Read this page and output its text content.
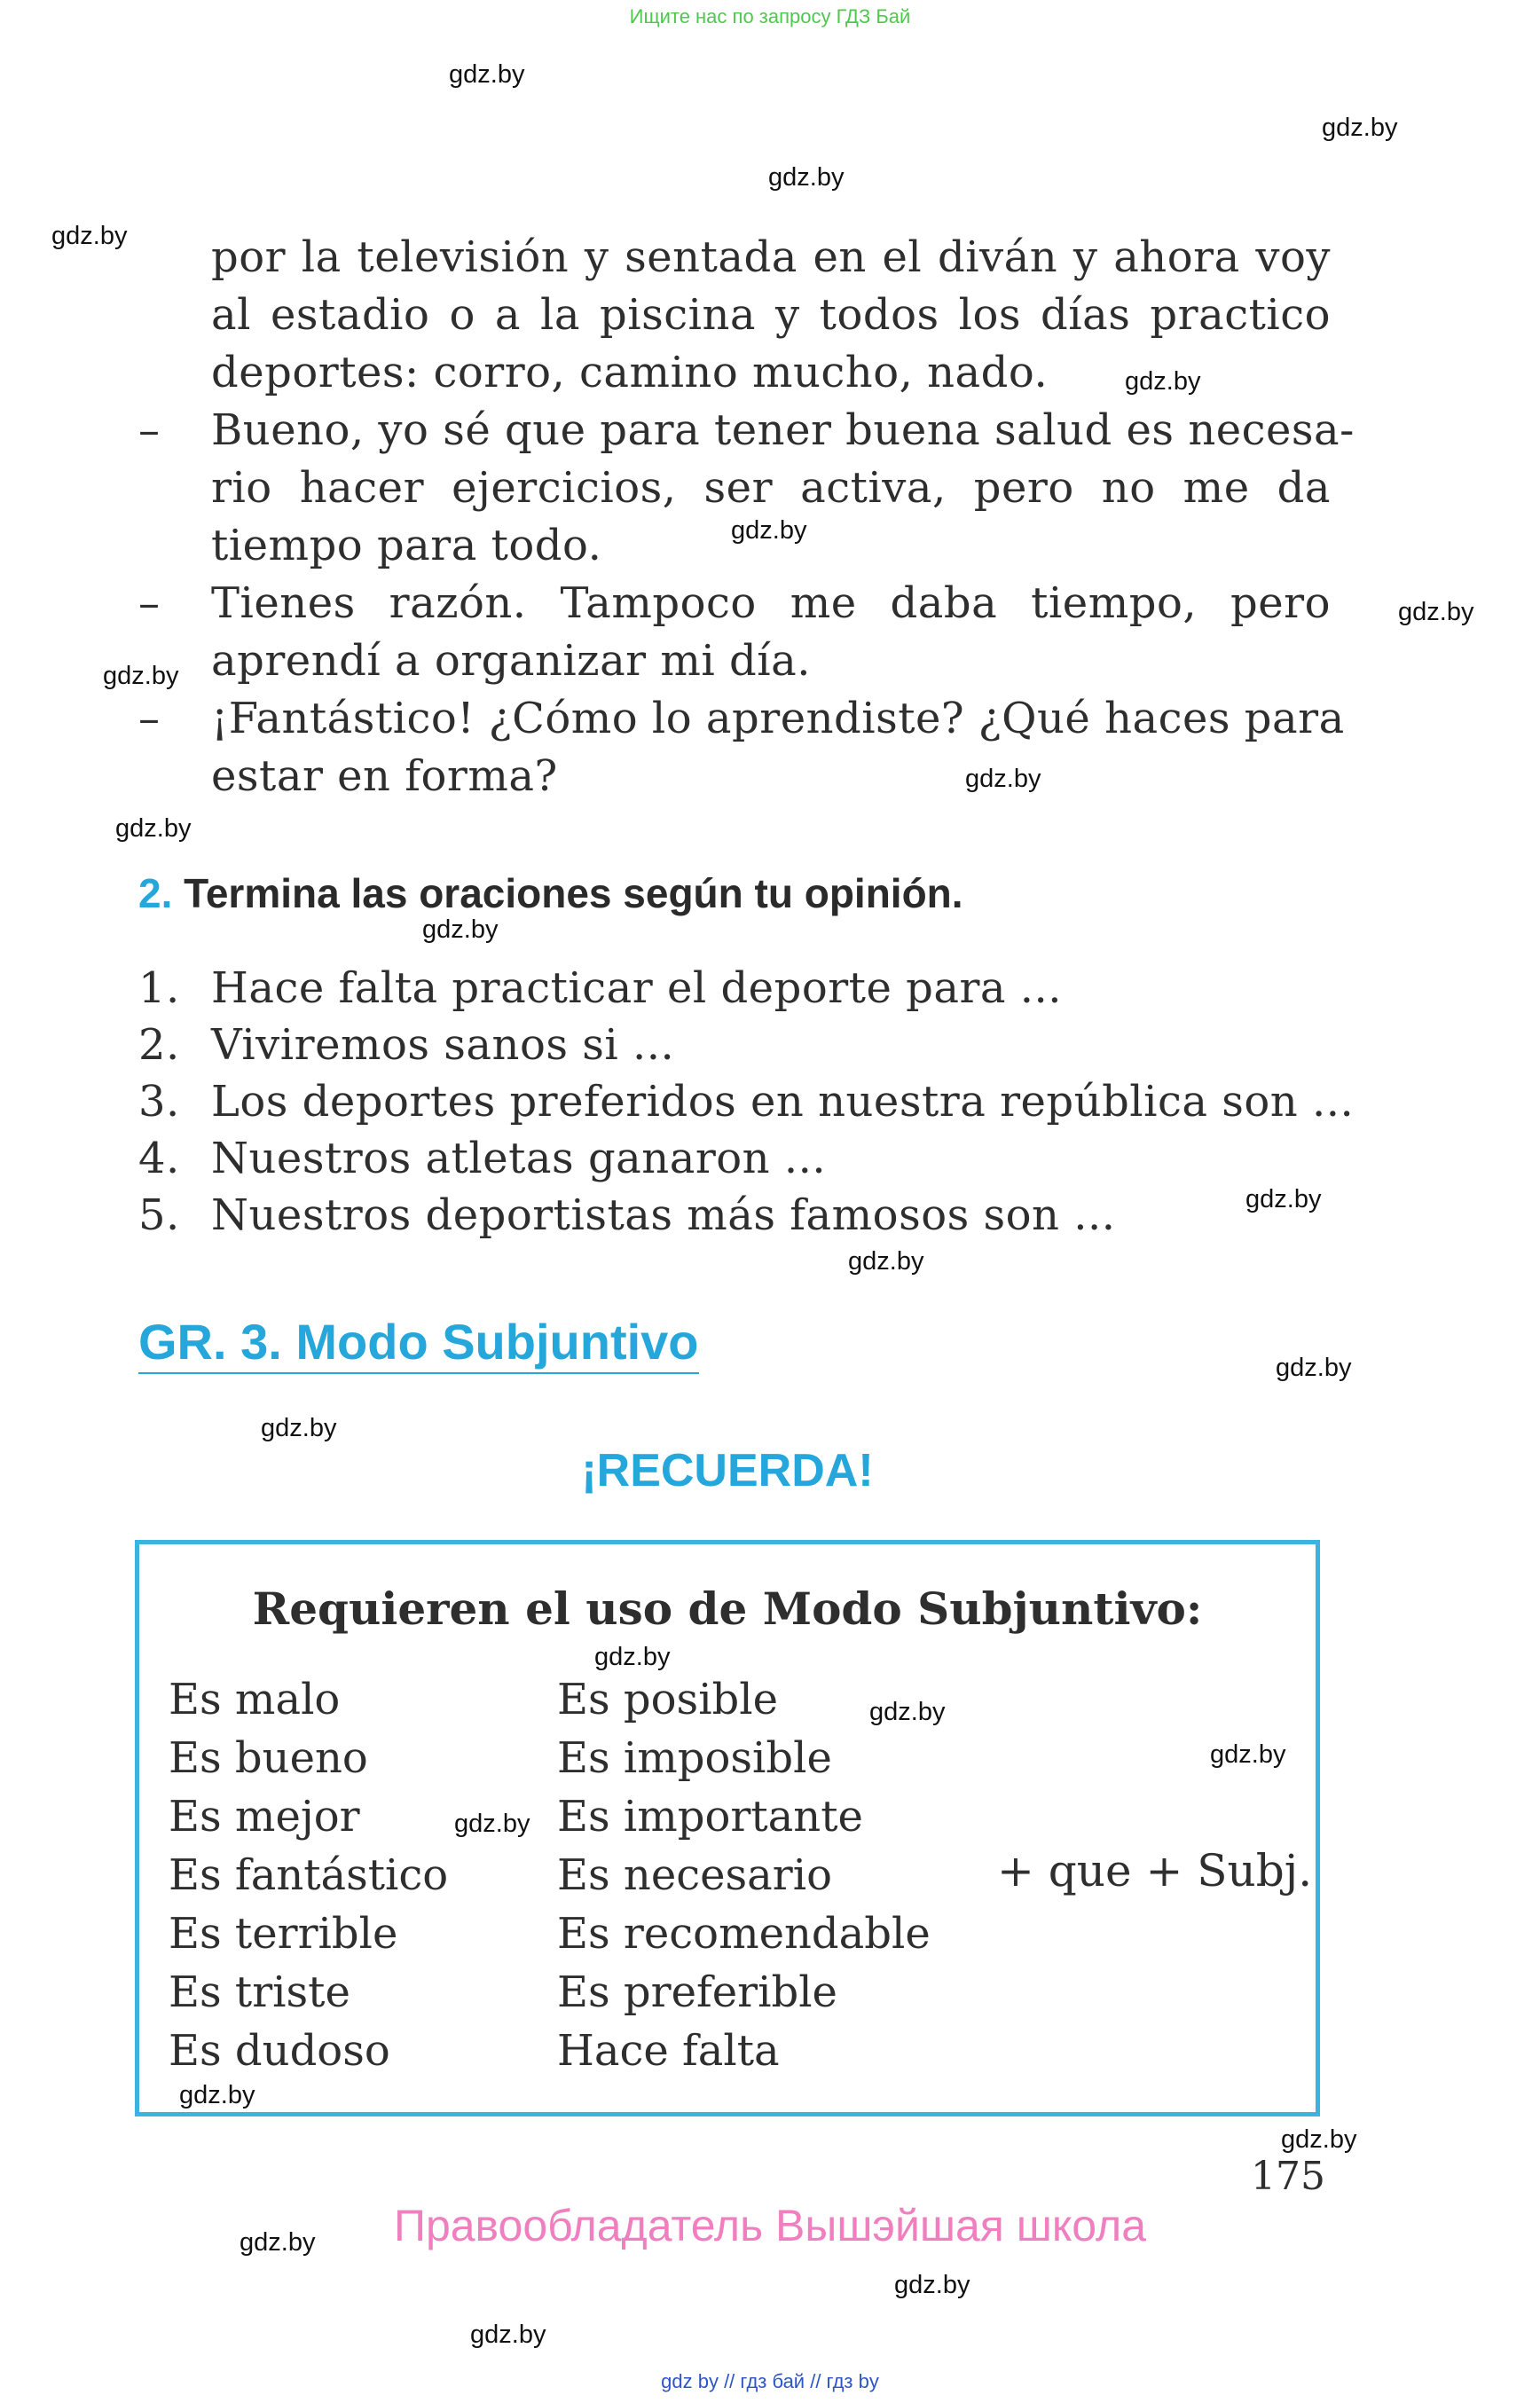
Ищите нас по запросу ГДЗ Бай
gdz.by
gdz.by
gdz.by
gdz.by
gdz.by
gdz.by
gdz.by
gdz.by
gdz.by
gdz.by
gdz.by
gdz.by
gdz.by
gdz.by
gdz.by
gdz.by
gdz.by
gdz.by
gdz.by
gdz.by
gdz.by
gdz.by
gdz.by
gdz.by
por la televisión y sentada en el diván y ahora voy
al estadio o a la piscina y todos los días practico
deportes: corro, camino mucho, nado.
– Bueno, yo sé que para tener buena salud es necesa-
rio hacer ejercicios, ser activa, pero no me da
tiempo para todo.
– Tienes razón. Tampoco me daba tiempo, pero
aprendí a organizar mi día.
– ¡Fantástico! ¿Cómo lo aprendiste? ¿Qué haces para
estar en forma?
2. Termina las oraciones según tu opinión.
1. Hace falta practicar el deporte para ...
2. Viviremos sanos si ...
3. Los deportes preferidos en nuestra república son ...
4. Nuestros atletas ganaron ...
5. Nuestros deportistas más famosos son ...
GR. 3. Modo Subjuntivo
¡RECUERDA!
Requieren el uso de Modo Subjuntivo:
Es malo
Es bueno
Es mejor
Es fantástico
Es terrible
Es triste
Es dudoso
Es posible
Es imposible
Es importante
Es necesario
Es recomendable
Es preferible
Hace falta
+ que + Subj.
175
Правообладатель Вышэйшая школа
gdz by // гдз бай // гдз by
